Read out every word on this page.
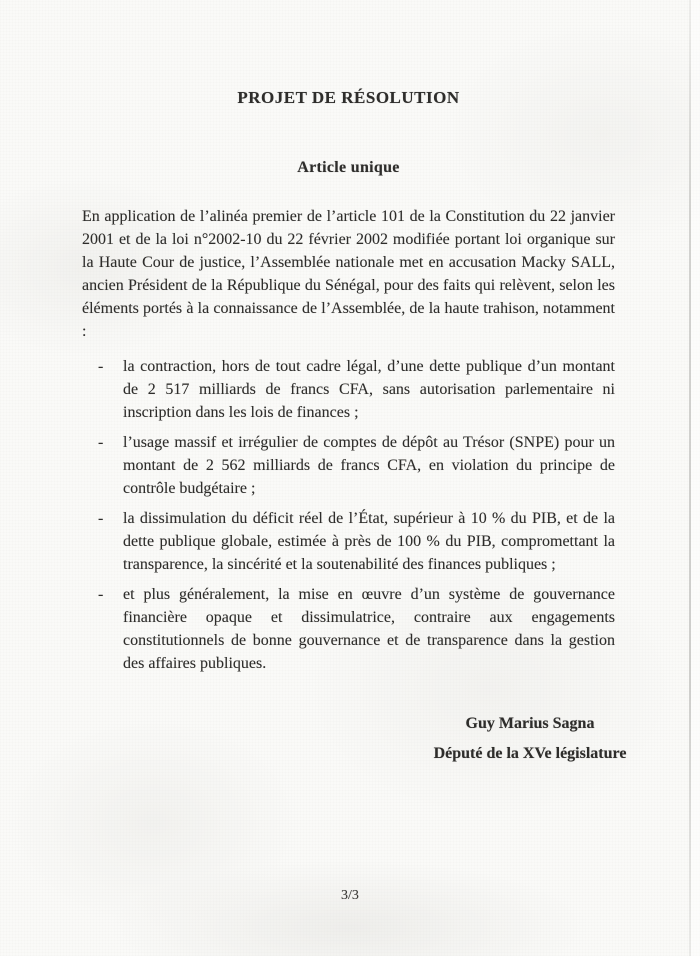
PROJET DE RÉSOLUTION
Article unique

En application de l’alinéa premier de l’article 101 de la Constitution du 22 janvier 2001 et de la loi n°2002-10 du 22 février 2002 modifiée portant loi organique sur la Haute Cour de justice, l’Assemblée nationale met en accusation Macky SALL, ancien Président de la République du Sénégal, pour des faits qui relèvent, selon les éléments portés à la connaissance de l’Assemblée, de la haute trahison, notamment :

- la contraction, hors de tout cadre légal, d’une dette publique d’un montant de 2 517 milliards de francs CFA, sans autorisation parlementaire ni inscription dans les lois de finances ;
- l’usage massif et irrégulier de comptes de dépôt au Trésor (SNPE) pour un montant de 2 562 milliards de francs CFA, en violation du principe de contrôle budgétaire ;
- la dissimulation du déficit réel de l’État, supérieur à 10 % du PIB, et de la dette publique globale, estimée à près de 100 % du PIB, compromettant la transparence, la sincérité et la soutenabilité des finances publiques ;
- et plus généralement, la mise en œuvre d’un système de gouvernance financière opaque et dissimulatrice, contraire aux engagements constitutionnels de bonne gouvernance et de transparence dans la gestion des affaires publiques.
Guy Marius Sagna
Député de la XVe législature
3/3
